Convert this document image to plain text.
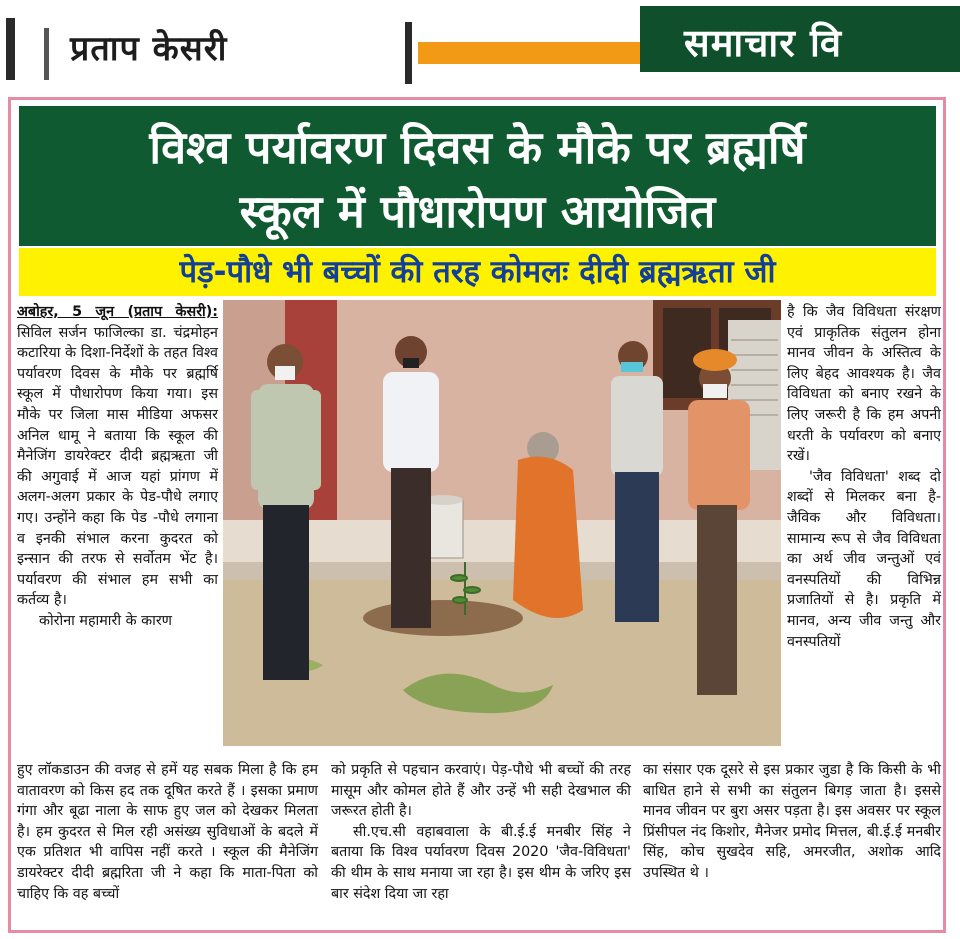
प्रताप केसरी	समाचार वि
विश्व पर्यावरण दिवस के मौके पर ब्रह्मर्षि
स्कूल में पौधारोपण आयोजित
पेड़-पौधे भी बच्चों की तरह कोमलः दीदी ब्रह्मऋता जी

अबोहर, 5 जून (प्रताप केसरी): सिविल सर्जन फाजिल्का डा. चंद्रमोहन कटारिया के दिशा-निर्देशों के तहत विश्व पर्यावरण दिवस के मौके पर ब्रह्मर्षि स्कूल में पौधारोपण किया गया। इस मौके पर जिला मास मीडिया अफसर अनिल धामू ने बताया कि स्कूल की मैनेजिंग डायरेक्टर दीदी ब्रह्मऋता जी की अगुवाई में आज यहां प्रांगण में अलग-अलग प्रकार के पेड-पौधे लगाए गए। उन्होंने कहा कि पेड -पौधे लगाना व इनकी संभाल करना कुदरत को इन्सान की तरफ से सर्वोतम भेंट है। पर्यावरण की संभाल हम सभी का कर्तव्य है।

कोरोना महामारी के कारण

है कि जैव विविधता संरक्षण एवं प्राकृतिक संतुलन होना मानव जीवन के अस्तित्व के लिए बेहद आवश्यक है। जैव विविधता को बनाए रखने के लिए जरूरी है कि हम अपनी धरती के पर्यावरण को बनाए रखें।

'जैव विविधता' शब्द दो शब्दों से मिलकर बना है- जैविक और विविधता। सामान्य रूप से जैव विविधता का अर्थ जीव जन्तुओं एवं वनस्पतियों की विभिन्न प्रजातियों से है। प्रकृति में मानव, अन्य जीव जन्तु और वनस्पतियों

हुए लॉकडाउन की वजह से हमें यह सबक मिला है कि हम वातावरण को किस हद तक दूषित करते हैं । इसका प्रमाण गंगा और बूढा नाला के साफ हुए जल को देखकर मिलता है। हम कुदरत से मिल रही असंख्य सुविधाओं के बदले में एक प्रतिशत भी वापिस नहीं करते । स्कूल की मैनेजिंग डायरेक्टर दीदी ब्रह्मरिता जी ने कहा कि माता-पिता को चाहिए कि वह बच्चों

को प्रकृति से पहचान करवाएं। पेड़-पौधे भी बच्चों की तरह मासूम और कोमल होते हैं और उन्हें भी सही देखभाल की जरूरत होती है।

सी.एच.सी वहाबवाला के बी.ई.ई मनबीर सिंह ने बताया कि विश्व पर्यावरण दिवस 2020 'जैव-विविधता' की थीम के साथ मनाया जा रहा है। इस थीम के जरिए इस बार संदेश दिया जा रहा

का संसार एक दूसरे से इस प्रकार जुडा है कि किसी के भी बाधित हाने से सभी का संतुलन बिगड़ जाता है। इससे मानव जीवन पर बुरा असर पड़ता है। इस अवसर पर स्कूल प्रिंसीपल नंद किशोर, मैनेजर प्रमोद मित्तल, बी.ई.ई मनबीर सिंह, कोच सुखदेव सहि, अमरजीत, अशोक आदि उपस्थित थे ।
